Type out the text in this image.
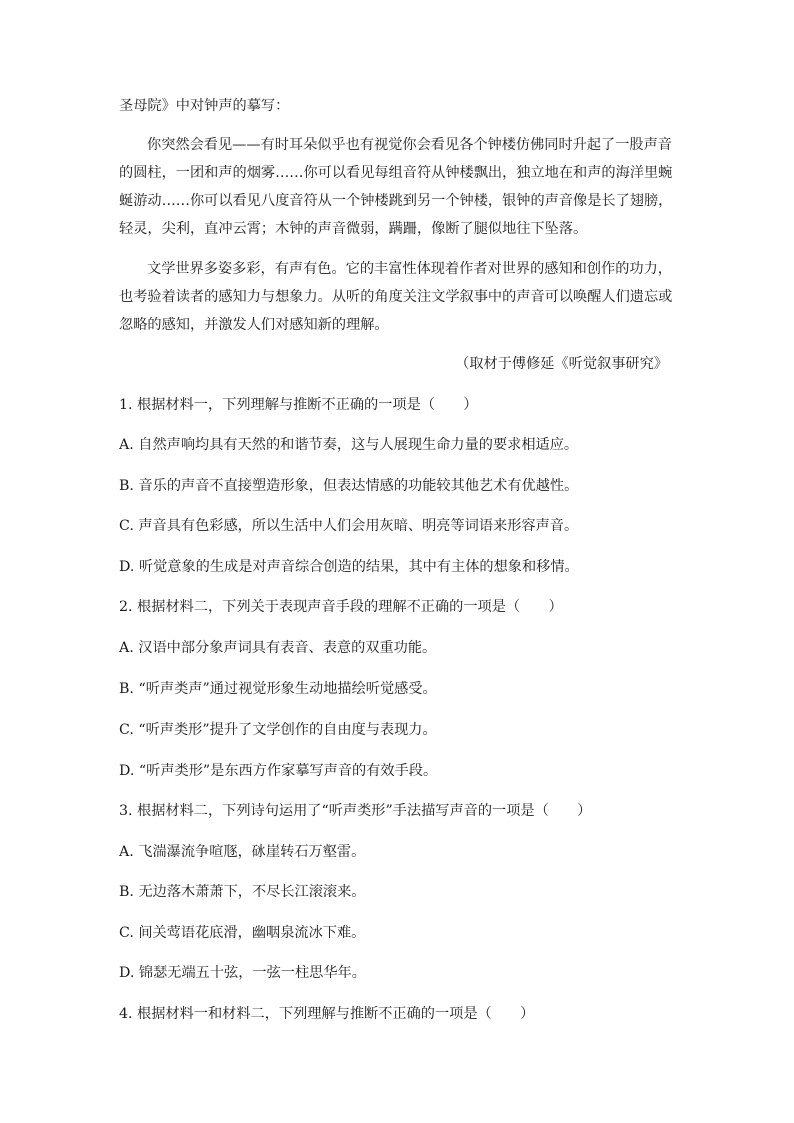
圣母院》中对钟声的摹写：
你突然会看见——有时耳朵似乎也有视觉你会看见各个钟楼仿佛同时升起了一股声音
的圆柱，一团和声的烟雾……你可以看见每组音符从钟楼飘出，独立地在和声的海洋里蜿
蜒游动……你可以看见八度音符从一个钟楼跳到另一个钟楼，银钟的声音像是长了翅膀，
轻灵，尖利，直冲云霄；木钟的声音微弱，蹒跚，像断了腿似地往下坠落。
文学世界多姿多彩，有声有色。它的丰富性体现着作者对世界的感知和创作的功力，
也考验着读者的感知力与想象力。从听的角度关注文学叙事中的声音可以唤醒人们遗忘或
忽略的感知，并激发人们对感知新的理解。
（取材于傅修延《听觉叙事研究》
1. 根据材料一，下列理解与推断不正确的一项是（　　）
A. 自然声响均具有天然的和谐节奏，这与人展现生命力量的要求相适应。
B. 音乐的声音不直接塑造形象，但表达情感的功能较其他艺术有优越性。
C. 声音具有色彩感，所以生活中人们会用灰暗、明亮等词语来形容声音。
D. 听觉意象的生成是对声音综合创造的结果，其中有主体的想象和移情。
2. 根据材料二，下列关于表现声音手段的理解不正确的一项是（　　）
A. 汉语中部分象声词具有表音、表意的双重功能。
B. “听声类声”通过视觉形象生动地描绘听觉感受。
C. “听声类形”提升了文学创作的自由度与表现力。
D. “听声类形”是东西方作家摹写声音的有效手段。
3. 根据材料二，下列诗句运用了“听声类形”手法描写声音的一项是（　　）
A. 飞湍瀑流争喧豗，砯崖转石万壑雷。
B. 无边落木萧萧下，不尽长江滚滚来。
C. 间关莺语花底滑，幽咽泉流冰下难。
D. 锦瑟无端五十弦，一弦一柱思华年。
4. 根据材料一和材料二，下列理解与推断不正确的一项是（　　）
